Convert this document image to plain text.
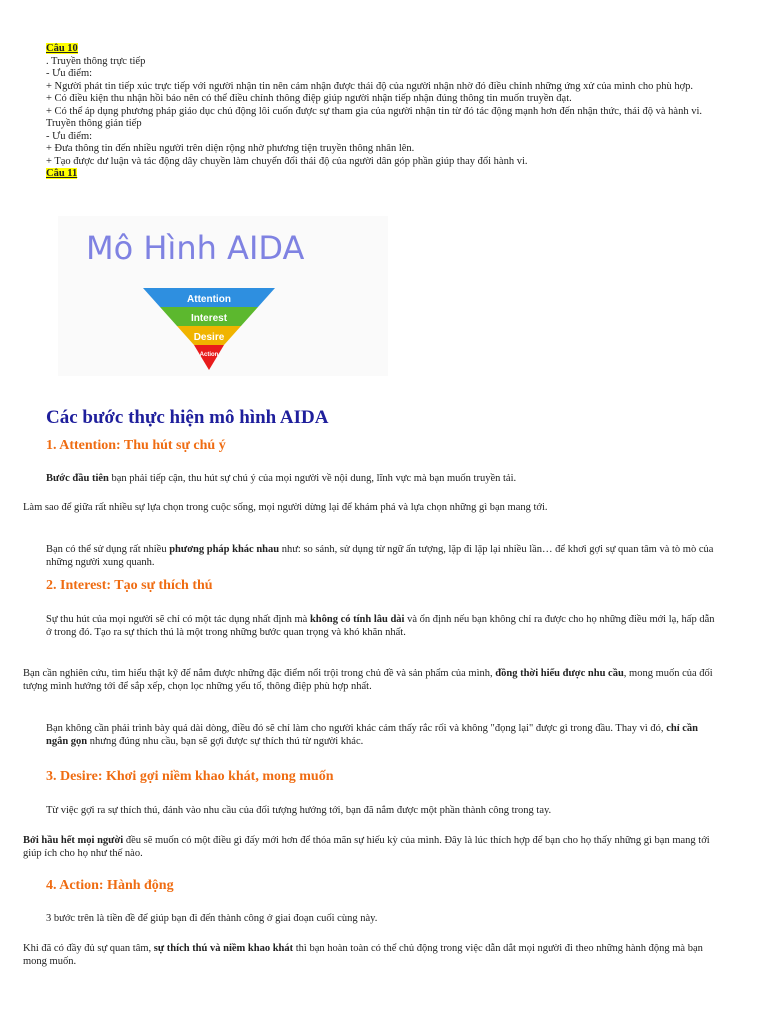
Câu 10

. Truyền thông trực tiếp

- Ưu điểm:

+ Người phát tin tiếp xúc trực tiếp với người nhận tin nên cảm nhận được thái độ của người nhận nhờ đó điều chỉnh những ứng xử của mình cho phù hợp.

+ Có điều kiện thu nhận hồi báo nên có thể điều chỉnh thông điệp giúp người nhận tiếp nhận đúng thông tin muốn truyền đạt.

+ Có thể áp dụng phương pháp giáo dục chủ động lôi cuốn được sự tham gia của người nhận tin từ đó tác động mạnh hơn đến nhận thức, thái độ và hành vi.

Truyền thông gián tiếp

- Ưu điểm:

+ Đưa thông tin đến nhiều người trên diện rộng nhờ phương tiện truyền thông nhân lên.

+ Tạo được dư luận và tác động dây chuyền làm chuyển đổi thái độ của người dân góp phần giúp thay đổi hành vi.

Câu 11

Mô Hình AIDA
Attention
Interest
Desire
Action
Các bước thực hiện mô hình AIDA
1. Attention: Thu hút sự chú ý

Bước đầu tiên bạn phải tiếp cận, thu hút sự chú ý của mọi người về nội dung, lĩnh vực mà bạn muốn truyền tải.

Làm sao để giữa rất nhiều sự lựa chọn trong cuộc sống, mọi người dừng lại để khám phá và lựa chọn những gì bạn mang tới.

Bạn có thể sử dụng rất nhiều phương pháp khác nhau như: so sánh, sử dụng từ ngữ ấn tượng, lặp đi lặp lại nhiều lần… để khơi gợi sự quan tâm và tò mò của những người xung quanh.

2. Interest: Tạo sự thích thú

Sự thu hút của mọi người sẽ chỉ có một tác dụng nhất định mà không có tính lâu dài và ổn định nếu bạn không chỉ ra được cho họ những điều mới lạ, hấp dẫn ở trong đó. Tạo ra sự thích thú là một trong những bước quan trọng và khó khăn nhất.

Bạn cần nghiên cứu, tìm hiểu thật kỹ để nắm được những đặc điểm nổi trội trong chủ đề và sản phẩm của mình, đồng thời hiểu được nhu cầu, mong muốn của đối tượng mình hướng tới để sắp xếp, chọn lọc những yếu tố, thông điệp phù hợp nhất.

Bạn không cần phải trình bày quá dài dòng, điều đó sẽ chỉ làm cho người khác cảm thấy rắc rối và không "đọng lại" được gì trong đầu. Thay vì đó, chỉ cần ngắn gọn nhưng đúng nhu cầu, bạn sẽ gợi được sự thích thú từ người khác.

3. Desire: Khơi gợi niềm khao khát, mong muốn

Từ việc gợi ra sự thích thú, đánh vào nhu cầu của đối tượng hướng tới, bạn đã nắm được một phần thành công trong tay.

Bởi hầu hết mọi người đều sẽ muốn có một điều gì đấy mới hơn để thỏa mãn sự hiếu kỳ của mình. Đây là lúc thích hợp để bạn cho họ thấy những gì bạn mang tới giúp ích cho họ như thế nào.

4. Action: Hành động

3 bước trên là tiền đề để giúp bạn đi đến thành công ở giai đoạn cuối cùng này.

Khi đã có đầy đủ sự quan tâm, sự thích thú và niềm khao khát thì bạn hoàn toàn có thể chủ động trong việc dẫn dắt mọi người đi theo những hành động mà bạn mong muốn.
